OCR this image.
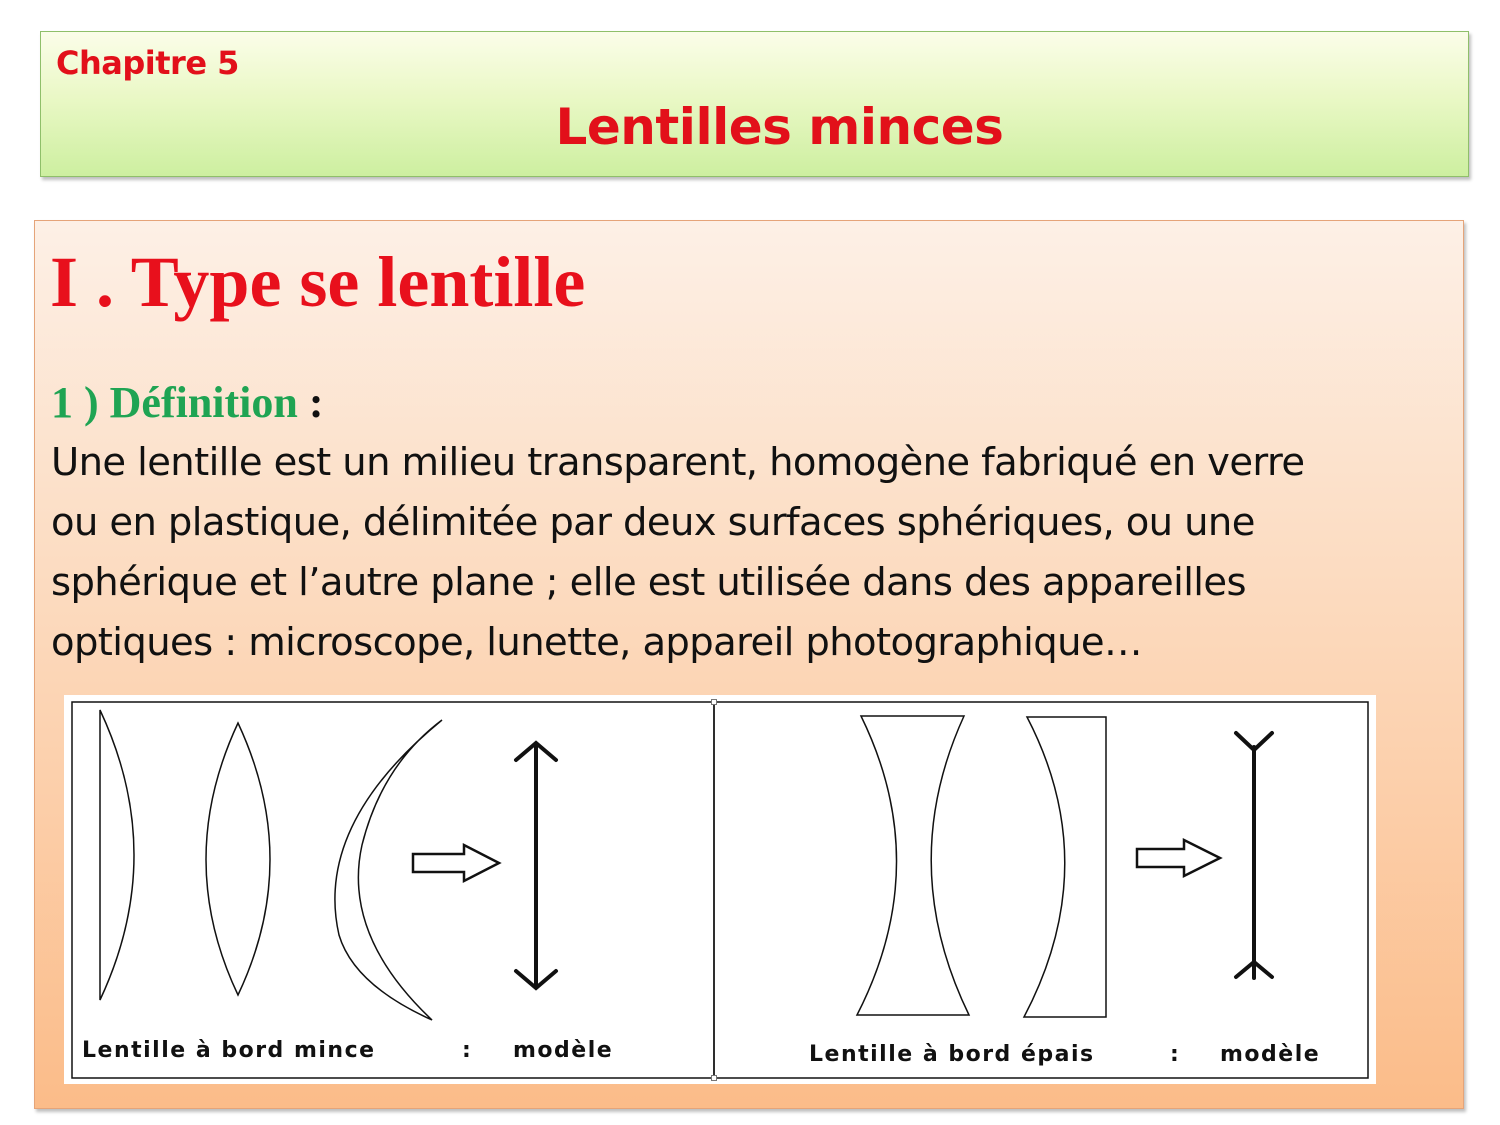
Chapitre 5
Lentilles minces
I . Type se lentille
1 ) Définition :
Une lentille est un milieu transparent, homogène fabriqué en verre
ou en plastique, délimitée par deux surfaces sphériques, ou une
sphérique et l’autre plane ; elle est utilisée dans des appareilles
optiques : microscope, lunette, appareil photographique…
Lentille à bord mince	: modèle	Lentille à bord épais	: modèle
